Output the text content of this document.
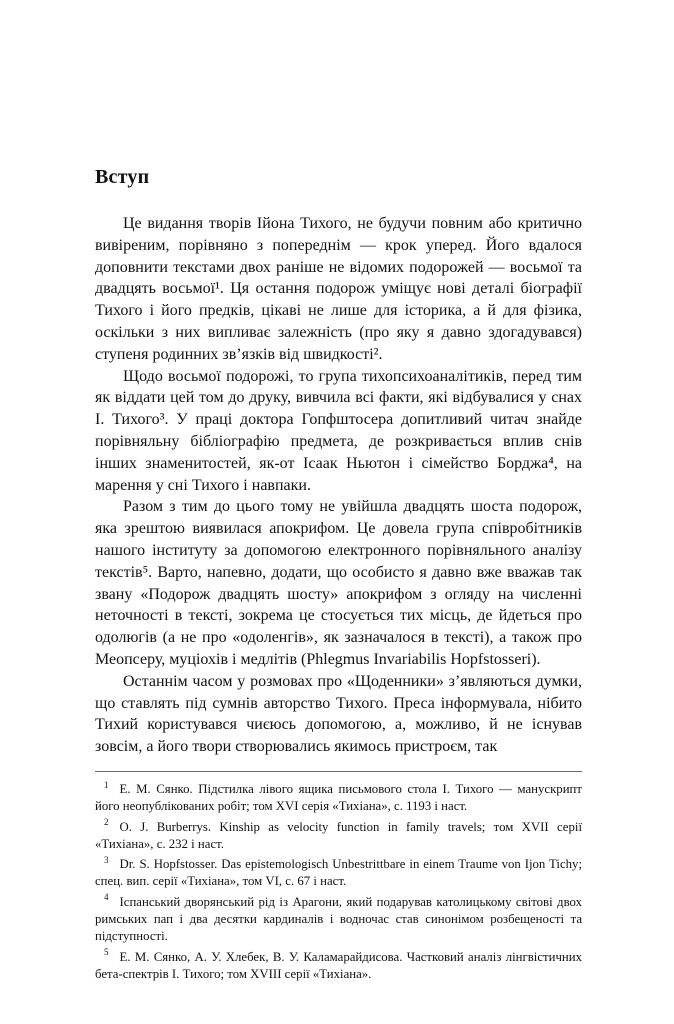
Вступ

Це видання творів Ійона Тихого, не будучи повним або критично вивіреним, порівняно з попереднім — крок уперед. Його вдалося доповнити текстами двох раніше не відомих подорожей — восьмої та двадцять восьмої¹. Ця остання подорож уміщує нові деталі біографії Тихого і його предків, цікаві не лише для історика, а й для фізика, оскільки з них випливає залежність (про яку я давно здогадувався) ступеня родинних зв’язків від швидкості².

Щодо восьмої подорожі, то група тихопсихоаналітиків, перед тим як віддати цей том до друку, вивчила всі факти, які відбувалися у снах І. Тихого³. У праці доктора Гопфштосера допитливий читач знайде порівняльну бібліографію предмета, де розкривається вплив снів інших знаменитостей, як-от Ісаак Ньютон і сімейство Борджа⁴, на марення у сні Тихого і навпаки.

Разом з тим до цього тому не увійшла двадцять шоста подорож, яка зрештою виявилася апокрифом. Це довела група співробітників нашого інституту за допомогою електронного порівняльного аналізу текстів⁵. Варто, напевно, додати, що особисто я давно вже вважав так звану «Подорож двадцять шосту» апокрифом з огляду на численні неточності в тексті, зокрема це стосується тих місць, де йдеться про одолюгів (а не про «одоленгів», як зазначалося в тексті), а також про Меопсеру, муціохів і медлітів (Phlegmus Invariabilis Hopfstosseri).

Останнім часом у розмовах про «Щоденники» з’являються думки, що ставлять під сумнів авторство Тихого. Преса інформувала, нібито Тихий користувався чиєюсь допомогою, а, можливо, й не існував зовсім, а його твори створювались якимось пристроєм, так

$^1$ Е. М. Сянко. Підстилка лівого ящика письмового стола І. Тихого — манускрипт його неопублікованих робіт; том XVI серія «Тихіана», с. 1193 і наст.
$^2$ O. J. Burberrys. Kinship as velocity function in family travels; том XVII серії «Тихіана», с. 232 і наст.
$^3$ Dr. S. Hopfstosser. Das epistemologisch Unbestrittbare in einem Traume von Ijon Tichy; спец. вип. серії «Тихіана», том VI, с. 67 і наст.
$^4$ Іспанський дворянський рід із Арагони, який подарував католицькому світові двох римських пап і два десятки кардиналів і водночас став синонімом розбещеності та підступності.
$^5$ Е. М. Сянко, А. У. Хлебек, В. У. Каламарайдисова. Частковий аналіз лінгвістичних бета-спектрів І. Тихого; том XVIII серії «Тихіана».
